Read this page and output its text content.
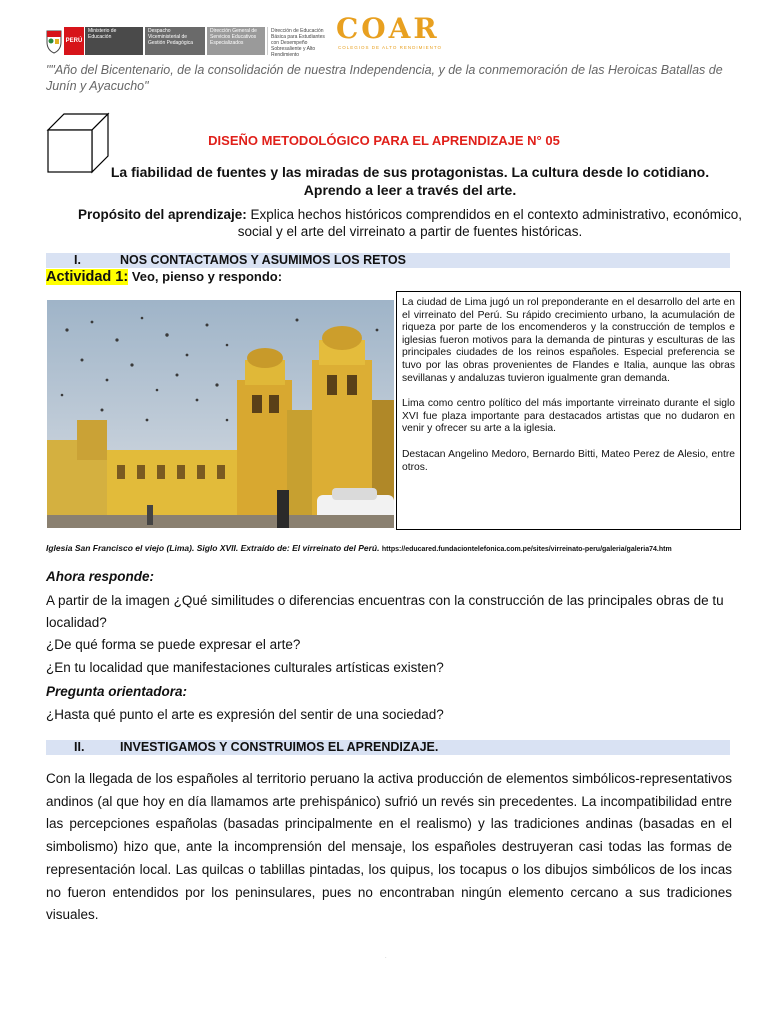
PERÚ
Ministerio de Educación
Despacho Viceministerial de Gestión Pedagógica
Dirección General de Servicios Educativos Especializados
Dirección de Educación Básica para Estudiantes con Desempeño Sobresaliente y Alto Rendimiento
COAR
COLEGIOS DE ALTO RENDIMIENTO
""Año del Bicentenario, de la consolidación de nuestra Independencia, y de la conmemoración de las Heroicas Batallas de Junín y Ayacucho"
DISEÑO METODOLÓGICO PARA EL APRENDIZAJE N° 05
La fiabilidad de fuentes y las miradas de sus protagonistas. La cultura desde lo cotidiano.
Aprendo a leer a través del arte.
Propósito del aprendizaje: Explica hechos históricos comprendidos en el contexto administrativo, económico, social y el arte del virreinato a partir de fuentes históricas.
I.	NOS CONTACTAMOS Y ASUMIMOS LOS RETOS
Actividad 1: Veo, pienso y respondo:

La ciudad de Lima jugó un rol preponderante en el desarrollo del arte en el virreinato del Perú. Su rápido crecimiento urbano, la acumulación de riqueza por parte de los encomenderos y la construcción de templos e iglesias fueron motivos para la demanda de pinturas y esculturas de las principales ciudades de los reinos españoles. Especial preferencia se tuvo por las obras provenientes de Flandes e Italia, aunque las obras sevillanas y andaluzas tuvieron igualmente gran demanda.

Lima como centro político del más importante virreinato durante el siglo XVI fue plaza importante para destacados artistas que no dudaron en venir y ofrecer su arte a la iglesia.

Destacan Angelino Medoro, Bernardo Bitti, Mateo Perez de Alesio, entre otros.

Iglesia San Francisco el viejo (Lima). Siglo XVII. Extraído de: El virreinato del Perú. https://educared.fundaciontelefonica.com.pe/sites/virreinato-peru/galeria/galeria74.htm
Ahora responde:
A partir de la imagen ¿Qué similitudes o diferencias encuentras con la construcción de las principales obras de tu localidad?
¿De qué forma se puede expresar el arte?
¿En tu localidad que manifestaciones culturales artísticas existen?
Pregunta orientadora:
¿Hasta qué punto el arte es expresión del sentir de una sociedad?
II.	INVESTIGAMOS Y CONSTRUIMOS EL APRENDIZAJE.
Con la llegada de los españoles al territorio peruano la activa producción de elementos simbólicos-representativos andinos (al que hoy en día llamamos arte prehispánico) sufrió un revés sin precedentes. La incompatibilidad entre las percepciones españolas (basadas principalmente en el realismo) y las tradiciones andinas (basadas en el simbolismo) hizo que, ante la incomprensión del mensaje, los españoles destruyeran casi todas las formas de representación local. Las quilcas o tablillas pintadas, los quipus, los tocapus o los dibujos simbólicos de los incas no fueron entendidos por los peninsulares, pues no encontraban ningún elemento cercano a sus tradiciones visuales.
·
